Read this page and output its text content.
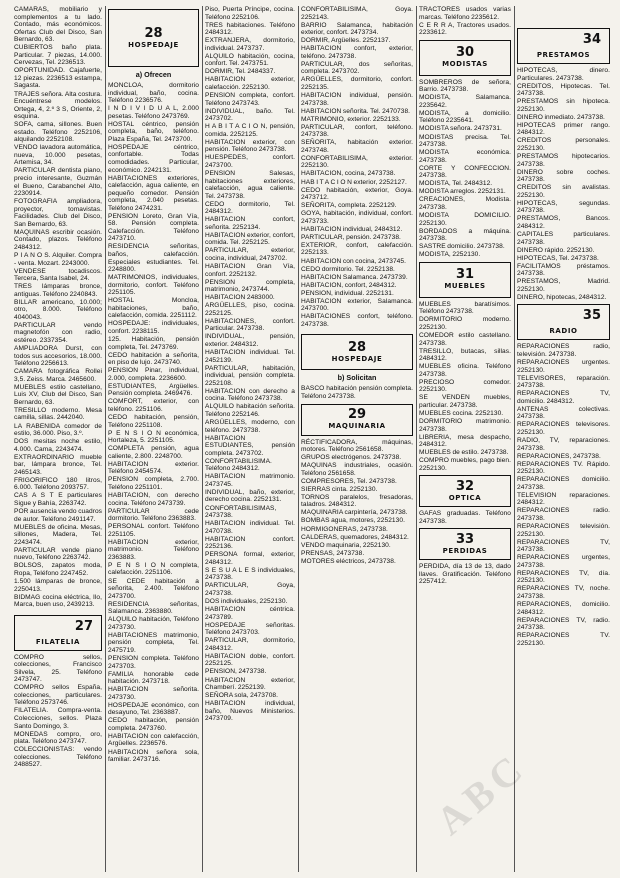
CAMARAS, mobiliario y complementos a tu lado. Contado, más económicos. Ofertas Club del Disco, San Bernardo, 63.

CUBIERTOS baño plata. Particular. 7 piezas, 14.000. Cervezas, Tel. 2236513.

OPORTUNIDAD. Cajafuerte, 12 piezas. 2236513 estampa, Sagasta.

TRAJES señora. Alta costura. Encuéntrese modelos. Ortega, 4, 2.º 3 S, Oriente, 2, esquina.

SOFA, cama, sillones. Buen estado. Teléfono 2252106, alquilando 2252108.

VENDO lavadora automática, nueva, 10.000 pesetas, Artemisa, 34.

PARTICULAR dentista piano, precio interesante, Guzmán el Bueno, Carabanchel Alto, 2230914.

FOTOGRAFIA ampliadora, proyector, tomavistas. Facilidades. Club del Disco, San Bernardo, 63.

MAQUINAS escribir ocasión. Contado, plazos. Teléfono 2484312.

P I A N O S. Alquiler. Compra - venta. Mozart. 2243000.

VENDESE tocadiscos. Tercera, Santa Isabel, 24.

TRES lámparas bronce, antiguas. Teléfono 2240843.

BILLAR americano, 10.000; otro, 8.000. Teléfono 4040043.

PARTICULAR vendo magnetofón con radio, estéreo. 2337354.

AMPLIADORA Durst, con todos sus accesorios, 18.000. Teléfono 2256613.

CAMARA fotográfica Rollei 3,5. Zeiss. Marca. 2465600.

MUEBLES estilo castellano, Luis XV, Club del Disco, San Bernardo, 63.

TRESILLO moderno. Mesa camilla, sillas. 2442040.

LA RABENIDA comedor de estilo, 36.000. Piso, 3.º.

DOS mesitas noche estilo, 4.000. Cama, 2243474.

EXTRAORDINARIO mueble bar, lámpara bronce, Tel. 2465143.

FRIGORIFICO 180 litros, 6.000. Teléfono 2093757.

CAS A S T E particulares Sigue y Bahía, 2263742.

POR ausencia vendo cuadros de autor. Teléfono 2491147.

MUEBLES de oficina. Mesas, sillones, Madera, Tel. 2243474.

PARTICULAR vende piano nuevo, Teléfono 2263742.

BOLSOS, zapatos moda, Ropa, Teléfono 2247452.

1.500 lámparas de bronce, 2250413.

BIDMAG cocina eléctrica, Ilo, Marca, buen uso, 2439213.

27
FILATELIA

COMPRO sellos, colecciones, Francisco Silvela, 25. Teléfono 2473747.

COMPRO sellos España, colecciones, particulares. Teléfono 2573746.

FILATELIA. Compra-venta. Colecciones, sellos. Plaza Santo Domingo, 3.

MONEDAS compro, oro, plata. Teléfono 2473747.

COLECCIONISTAS: vendo colecciones. Teléfono 2488527.

28
HOSPEDAJE
a) Ofrecen

MONCLOA, dormitorio individual, baño, cocina. Teléfono 2236576.

I N D I V I D U A L, 2.000 pesetas. Teléfono 2473769.

HOSTAL céntrico, pensión completa, baño, teléfono. Plaza España, Tel. 2473700.

HOSPEDAJE céntrico, confortable. Todas comodidades. Particular, económico. 2242131.

HABITACIONES exteriores, calefacción, agua caliente, en pequeño comedor. Pensión completa, 2.040 pesetas. Teléfono 2474231.

PENSION Loreto, Gran Vía, 58. Pensión completa. Calefacción. Teléfono 2473710.

RESIDENCIA señoritas, baños, calefacción. Especiales estudiantes. Tel. 2248800.

MATRIMONIOS, individuales, dormitorio, confort. Teléfono 2251105.

HOSTAL Moncloa, habitaciones, baño, calefacción, comida. 2251112.

HOSPEDAJE: individuales, confort. 2238115.

125. Habitación, pensión completa, Tel. 2473769.

CEDO habitación a señorita, en piso de lujo. 2473740.

PENSION Pinar, individual, 2.000, completa. 2236600.

ESTUDIANTES, Argüelles. Pensión completa. 2469476.

COMFORT, exterior, con teléfono. 2251106.

CEDO habitación, pensión, Teléfono 2251108.

P E N S I O N económica, Hortaleza, 5. 2251105.

COMPLETA pensión, agua caliente, 2.800. 2248700.

HABITACION exterior. Teléfono 2454574.

PENSION completa, 2.700. Teléfono 2251101.

HABITACION, con derecho cocina. Teléfono 2473739.

PARTICULAR cede dormitorio. Teléfono 2363883.

PERSONAL confort. Teléfono 2251105.

HABITACION exterior, matrimonio. Teléfono 2363883.

P E N S I O N completa, calefacción. 2251106.

SE CEDE habitación a señorita, 2.400. Teléfono 2473700.

RESIDENCIA señoritas, Salamanca. 2363880.

ALQUILO habitación, Teléfono 2473730.

HABITACIONES matrimonio, pensión completa, Tel. 2475719.

PENSION completa. Teléfono 2473703.

FAMILIA honorable cede habitación. 2473718.

HABITACION señorita. 2473730.

HOSPEDAJE económico, con desayuno, Tel. 2363887.

CEDO habitación, pensión completa. 2473760.

HABITACION con calefacción, Argüelles. 2236576.

HABITACION señora sola, familiar. 2473716.

Piso, Puerta Príncipe, cocina. Teléfono 2252106.

TRES habitaciones. Teléfono 2484312.

EXTRANJERA, dormitorio, individual. 2473737.

ALQUILO habitación, cocina, confort. Tel. 2473751.

DORMIR, Tel. 2484337.

HABITACION exterior, calefacción. 2252130.

PENSION completa, confort. Teléfono 2473743.

INDIVIDUAL, baño. Tel. 2473702.

H A B I T A C I O N, pensión, comida. 2252125.

HABITACION exterior, con pensión. Teléfono 2473738.

HUESPEDES, confort. 2473700.

PENSION Salesas, habitaciones exteriores, calefacción, agua caliente. Tel. 2473738.

CEDO dormitorio, Tel. 2484312.

HABITACION confort, señorita. 2252134.

HABITACION exterior, confort, comida. Tel. 2252125.

PARTICULAR, exterior, cocina, individual, 2473702.

HABITACION Gran Vía, confort. 2252132.

PENSION completa, matrimonio, 2473744.

HABITACION 2483000.

ARGÜELLES, piso, cocina. 2252125.

HABITACIONES, confort. Particular. 2473738.

INDIVIDUAL, pensión, exterior. 2484312.

HABITACION individual. Tel. 2452139.

PARTICULAR, habitación, individual, pensión completa. 2252108.

HABITACION con derecho a cocina. Teléfono 2473738.

ALQUILO habitación señorita. Teléfono 2252146.

ARGÜELLES, moderno, con teléfono. 2473738.

HABITACION ESTUDIANTES, pensión completa. 2473702.

CONFORTABILISIMA. Teléfono 2484312.

HABITACION matrimonio. 2473745.

INDIVIDUAL, baño, exterior, derecho cocina. 2252131.

CONFORTABILISIMAS, 2473738.

HABITACION individual. Tel. 2470738.

HABITACION confort. 2252136.

PERSONA formal, exterior, 2484312.

S E S U A L E S individuales, 2473738.

PARTICULAR, Goya, 2473738.

DOS individuales, 2252130.

HABITACION céntrica. 2473789.

HOSPEDAJE señoritas. Teléfono 2473703.

PARTICULAR, dormitorio, 2484312.

HABITACION doble, confort. 2252125.

PENSION, 2473738.

HABITACION exterior, Chamberí. 2252139.

SEÑORA sola, 2473708.

HABITACION individual, baño, Nuevos Ministerios. 2473709.

CONFORTABILISIMA, Goya. 2252143.

BARRIO Salamanca, habitación exterior, confort. 2473734.

DORMIR, Argüelles. 2252137.

HABITACION confort, exterior, teléfono. 2473738.

PARTICULAR, dos señoritas, completa. 2473702.

ARGÜELLES, dormitorio, confort. 2252135.

HABITACION individual, pensión. 2473738.

HABITACION señorita. Tel. 2470738.

MATRIMONIO, exterior. 2252133.

PARTICULAR, confort, teléfono. 2473738.

SEÑORITA, habitación exterior. 2473748.

CONFORTABILISIMA, exterior. 2252130.

HABITACION, cocina, 2473738.

HAB I T A C I O N exterior, 2252127.

CEDO habitación, exterior, Goya. 2473712.

SEÑORITA, completa. 2252129.

GOYA, habitación, individual, confort. 2473733.

HABITACION individual, 2484312.

PARTICULAR, pensión. 2473738.

EXTERIOR, confort, calefacción. 2252133.

HABITACION con cocina, 2473745.

CEDO dormitorio. Tel. 2252138.

HABITACION Salamanca. 2473739.

HABITACION, confort, 2484312.

PENSION, individual. 2252131.

HABITACION exterior, Salamanca. 2473700.

HABITACIONES confort, teléfono. 2473738.

28
HOSPEDAJE
b) Solicitan

BASCO habitación pensión completa. Teléfono 2473738.

29
MAQUINARIA

RÉCTIFICADORA, máquinas, motores. Teléfono 2561658.

GRUPOS electrógenos. 2473738.

MAQUINAS industriales, ocasión. Teléfono 2561658.

COMPRESORES, Tel. 2473738.

SIERRAS cinta. 2252130.

TORNOS paralelos, fresadoras, taladros. 2484312.

MAQUINARIA carpintería, 2473738.

BOMBAS agua, motores, 2252130.

HORMIGONERAS, 2473738.

CALDERAS, quemadores, 2484312.

VENDO maquinaria, 2252130.

PRENSAS, 2473738.

MOTORES eléctricos, 2473738.

TRACTORES usados varias marcas. Teléfono 2235612.

C E R R A, Tractores usados. 2233612.

30
MODISTAS

SOMBREROS de señora, Barrio. 2473738.

MODISTA, Salamanca. 2235642.

MODISTA, a domicilio. Teléfono 2235641.

MODISTA señora. 2473731.

MODISTAS precisa. Tel. 2473738.

MODISTA económica. 2473738.

CORTE Y CONFECCION. 2473738.

MODISTA, Tel. 2484312.

MODISTA arreglos. 2252131.

CREACIONES, Modista. 2473738.

MODISTA DOMICILIO. 2252130.

BORDADOS a máquina. 2473738.

SASTRE domicilio. 2473738.

MODISTA, 2252130.

31
MUEBLES

MUEBLES baratísimos. Teléfono 2473738.

DORMITORIO moderno. 2252130.

COMEDOR estilo castellano. 2473738.

TRESILLO, butacas, sillas. 2484312.

MUEBLES oficina. Teléfono 2473738.

PRECIOSO comedor. 2252130.

SE VENDEN muebles, particular. 2473738.

MUEBLES cocina. 2252130.

DORMITORIO matrimonio. 2473738.

LIBRERIA, mesa despacho, 2484312.

MUEBLES de estilo. 2473738.

COMPRO muebles, pago bien. 2252130.

32
OPTICA

GAFAS graduadas. Teléfono 2473738.

33
PERDIDAS

PERDIDA, día 13 de 13, dado llaves. Gratificación. Teléfono 2257412.

34
PRESTAMOS

HIPOTECAS, dinero. Particulares. 2473738.

CREDITOS, Hipotecas. Tel. 2473738.

PRESTAMOS sin hipoteca. 2252130.

DINERO inmediato. 2473738.

HIPOTECAS primer rango. 2484312.

CREDITOS personales. 2252130.

PRESTAMOS hipotecarios. 2473738.

DINERO sobre coches. 2473738.

CREDITOS sin avalistas. 2252130.

HIPOTECAS, segundas. 2473738.

PRESTAMOS, Bancos. 2484312.

CAPITALES particulares. 2473738.

DINERO rápido. 2252130.

HIPOTECAS, Tel. 2473738.

FACILITAMOS préstamos. 2473738.

PRESTAMOS, Madrid. 2252130.

DINERO, hipotecas, 2484312.

35
RADIO

REPARACIONES radio, televisión. 2473738.

REPARACIONES urgentes. 2252130.

TELEVISORES, reparación. 2473738.

REPARACIONES TV, domicilio. 2484312.

ANTENAS colectivas. 2473738.

REPARACIONES televisores. 2252130.

RADIO, TV, reparaciones. 2473738.

REPARACIONES, 2473738.

REPARACIONES TV. Rápido. 2252130.

REPARACIONES domicilio. 2473738.

TELEVISION reparaciones. 2484312.

REPARACIONES radio. 2473738.

REPARACIONES televisión. 2252130.

REPARACIONES TV, 2473738.

REPARACIONES urgentes, 2473738.

REPARACIONES TV, día. 2252130.

REPARACIONES TV, noche. 2473738.

REPARACIONES, domicilio. 2484312.

REPARACIONES TV, radio. 2473738.

REPARACIONES TV. 2252130.

ABC
